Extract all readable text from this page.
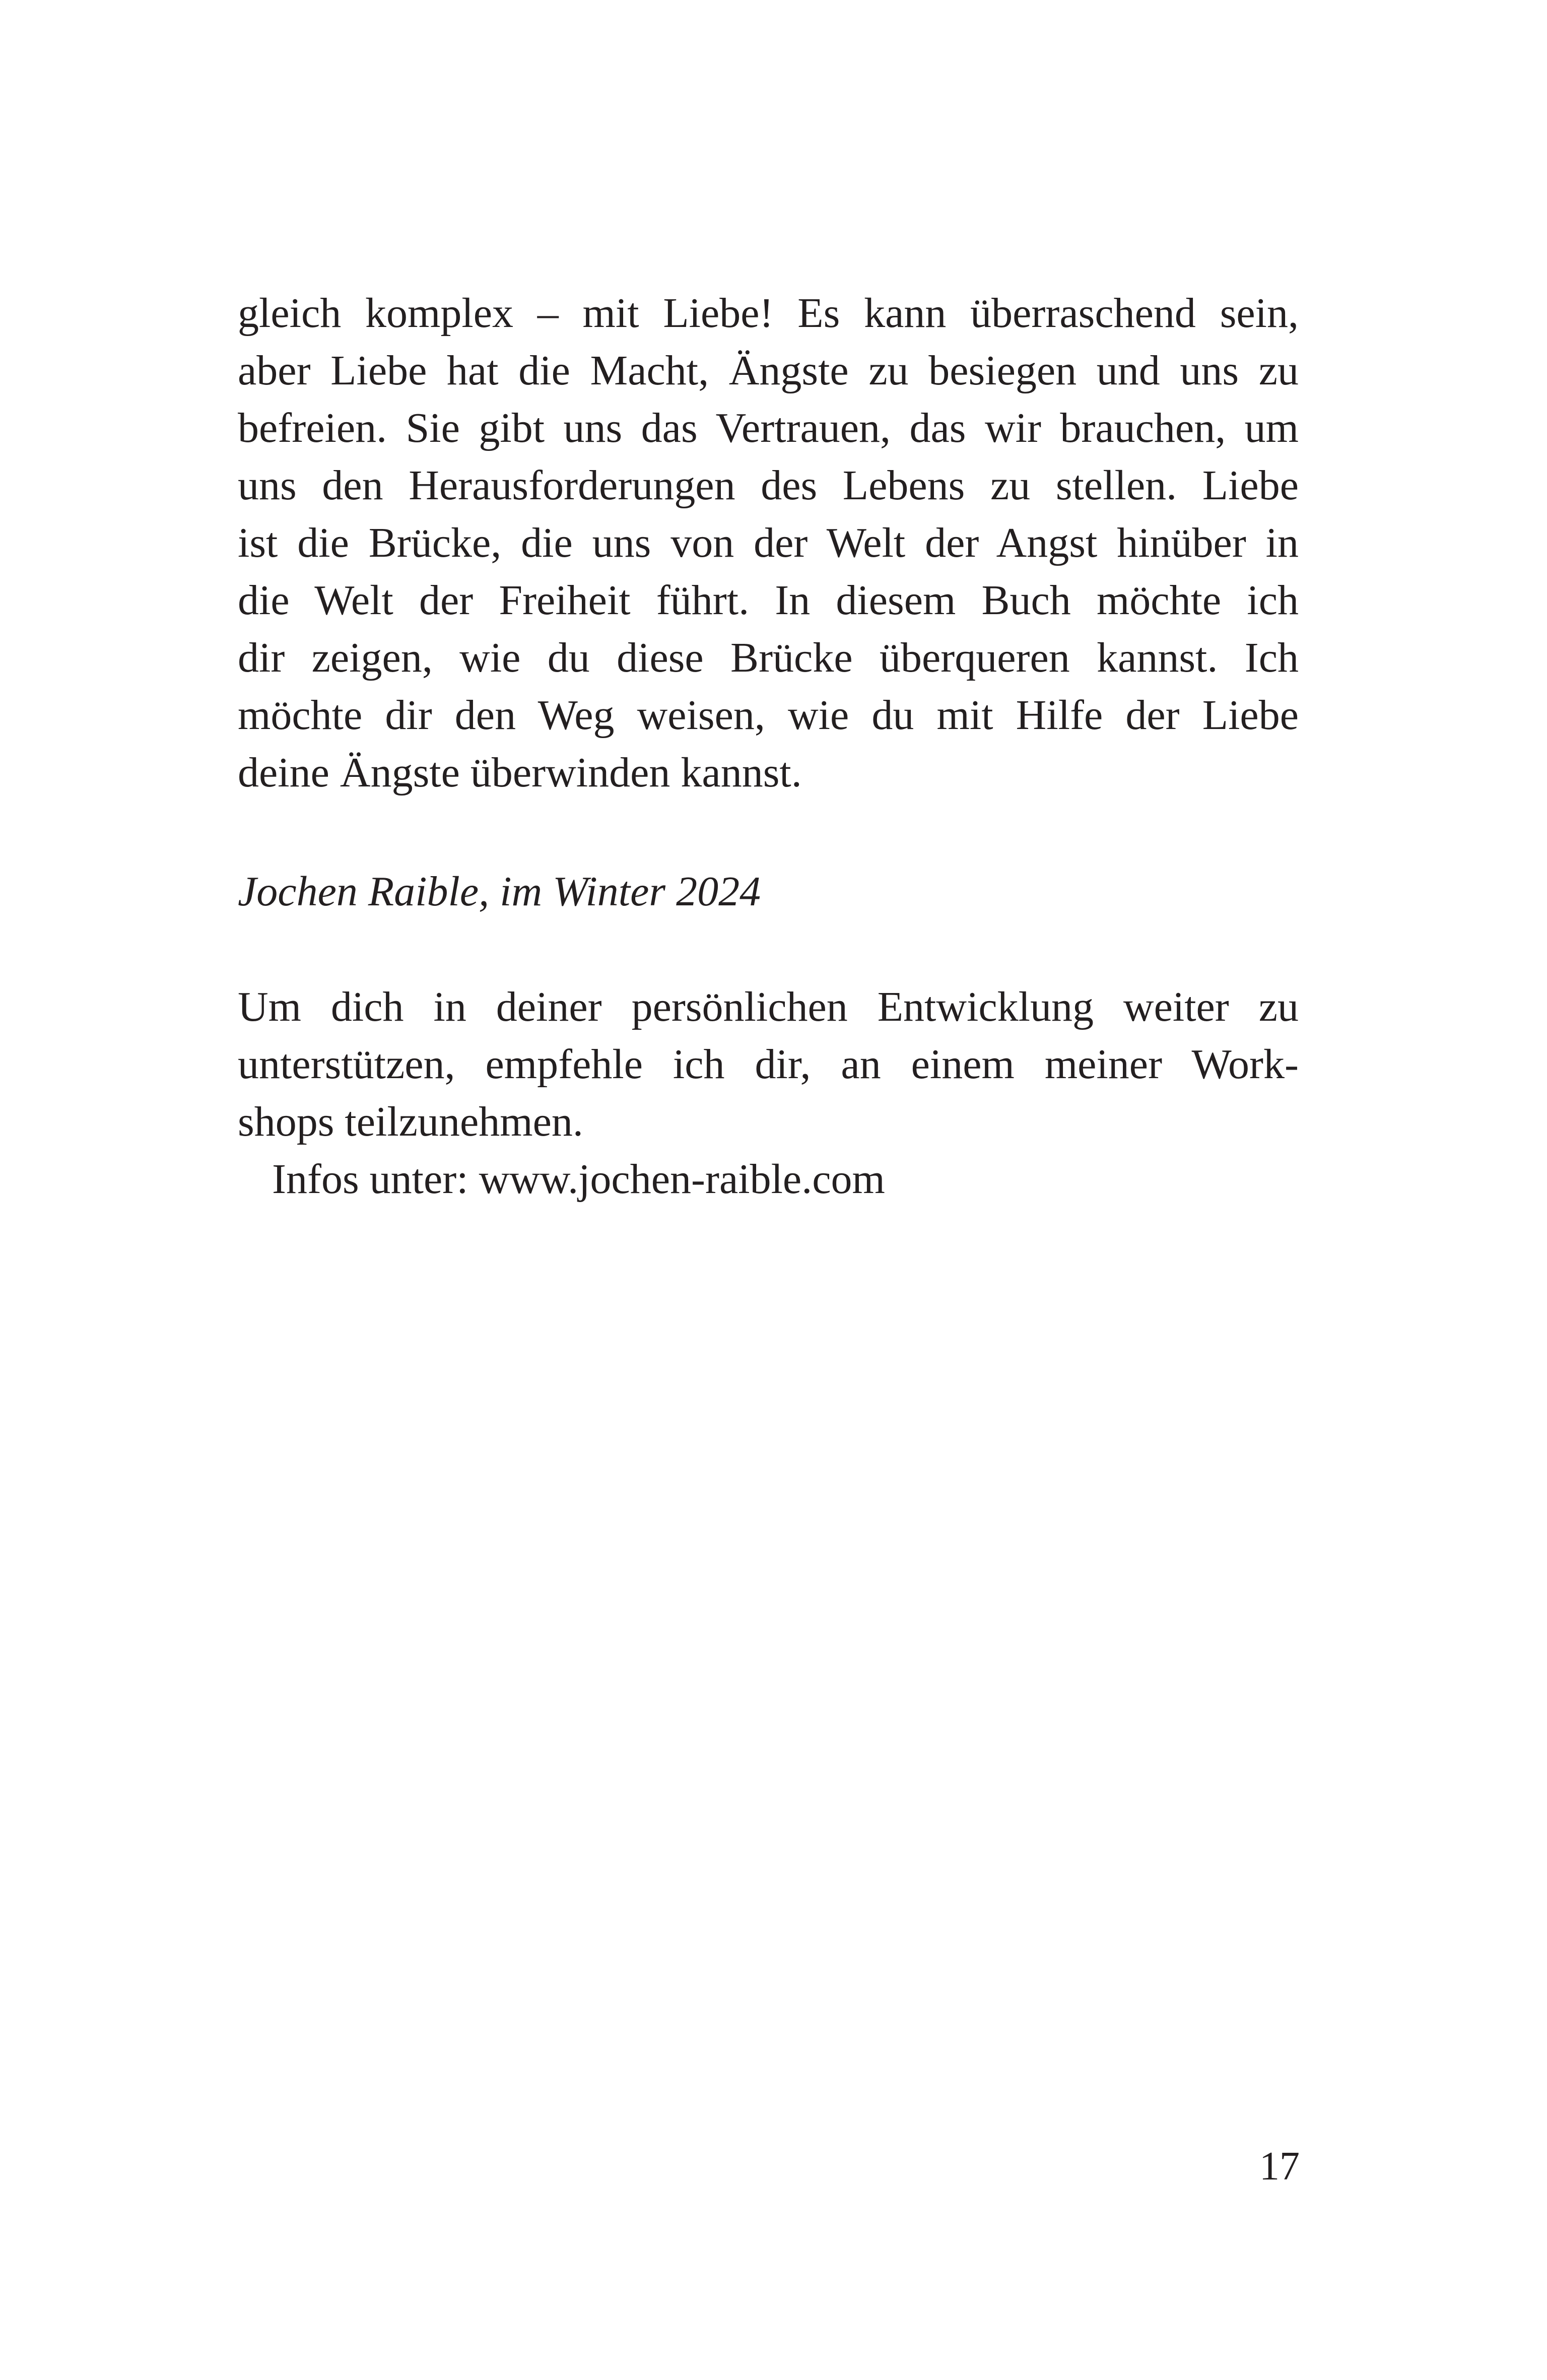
gleich komplex – mit Liebe! Es kann überraschend sein,
aber Liebe hat die Macht, Ängste zu besiegen und uns zu
befreien. Sie gibt uns das Vertrauen, das wir brauchen, um
uns den Herausforderungen des Lebens zu stellen. Liebe
ist die Brücke, die uns von der Welt der Angst hinüber in
die Welt der Freiheit führt. In diesem Buch möchte ich
dir zeigen, wie du diese Brücke überqueren kannst. Ich
möchte dir den Weg weisen, wie du mit Hilfe der Liebe
deine Ängste überwinden kannst.
Jochen Raible, im Winter 2024
Um dich in deiner persönlichen Entwicklung weiter zu
unterstützen, empfehle ich dir, an einem meiner Work-
shops teilzunehmen.
Infos unter: www.jochen-raible.com
17
